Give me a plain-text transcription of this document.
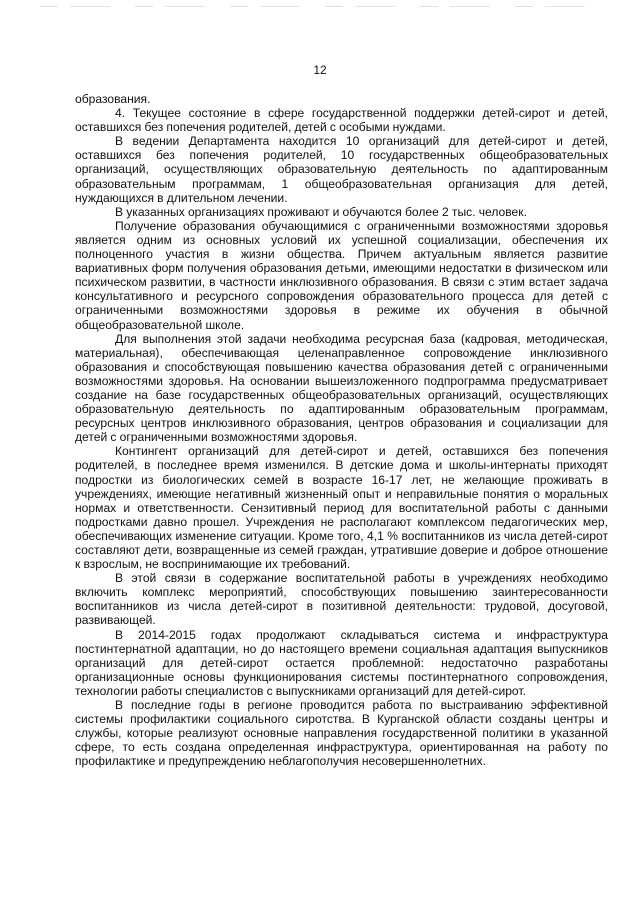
12

образования.

4. Текущее состояние в сфере государственной поддержки детей-сирот и детей, оставшихся без попечения родителей, детей с особыми нуждами.

В ведении Департамента находится 10 организаций для детей-сирот и детей, оставшихся без попечения родителей, 10 государственных общеобразовательных организаций, осуществляющих образовательную деятельность по адаптированным образовательным программам, 1 общеобразовательная организация для детей, нуждающихся в длительном лечении.

В указанных организациях проживают и обучаются более 2 тыс. человек.

Получение образования обучающимися с ограниченными возможностями здоровья является одним из основных условий их успешной социализации, обеспечения их полноценного участия в жизни общества. Причем актуальным является развитие вариативных форм получения образования детьми, имеющими недостатки в физическом или психическом развитии, в частности инклюзивного образования. В связи с этим встает задача консультативного и ресурсного сопровождения образовательного процесса для детей с ограниченными возможностями здоровья в режиме их обучения в обычной общеобразовательной школе.

Для выполнения этой задачи необходима ресурсная база (кадровая, методическая, материальная), обеспечивающая целенаправленное сопровождение инклюзивного образования и способствующая повышению качества образования детей с ограниченными возможностями здоровья. На основании вышеизложенного подпрограмма предусматривает создание на базе государственных общеобразовательных организаций, осуществляющих образовательную деятельность по адаптированным образовательным программам, ресурсных центров инклюзивного образования, центров образования и социализации для детей с ограниченными возможностями здоровья.

Контингент организаций для детей-сирот и детей, оставшихся без попечения родителей, в последнее время изменился. В детские дома и школы-интернаты приходят подростки из биологических семей в возрасте 16-17 лет, не желающие проживать в учреждениях, имеющие негативный жизненный опыт и неправильные понятия о моральных нормах и ответственности. Сензитивный период для воспитательной работы с данными подростками давно прошел. Учреждения не располагают комплексом педагогических мер, обеспечивающих изменение ситуации. Кроме того, 4,1 % воспитанников из числа детей-сирот составляют дети, возвращенные из семей граждан, утратившие доверие и доброе отношение к взрослым, не воспринимающие их требований.

В этой связи в содержание воспитательной работы в учреждениях необходимо включить комплекс мероприятий, способствующих повышению заинтересованности воспитанников из числа детей-сирот в позитивной деятельности: трудовой, досуговой, развивающей.

В 2014-2015 годах продолжают складываться система и инфраструктура постинтернатной адаптации, но до настоящего времени социальная адаптация выпускников организаций для детей-сирот остается проблемной: недостаточно разработаны организационные основы функционирования системы постинтернатного сопровождения, технологии работы специалистов с выпускниками организаций для детей-сирот.

В последние годы в регионе проводится работа по выстраиванию эффективной системы профилактики социального сиротства. В Курганской области созданы центры и службы, которые реализуют основные направления государственной политики в указанной сфере, то есть создана определенная инфраструктура, ориентированная на работу по профилактике и предупреждению неблагополучия несовершеннолетних.
